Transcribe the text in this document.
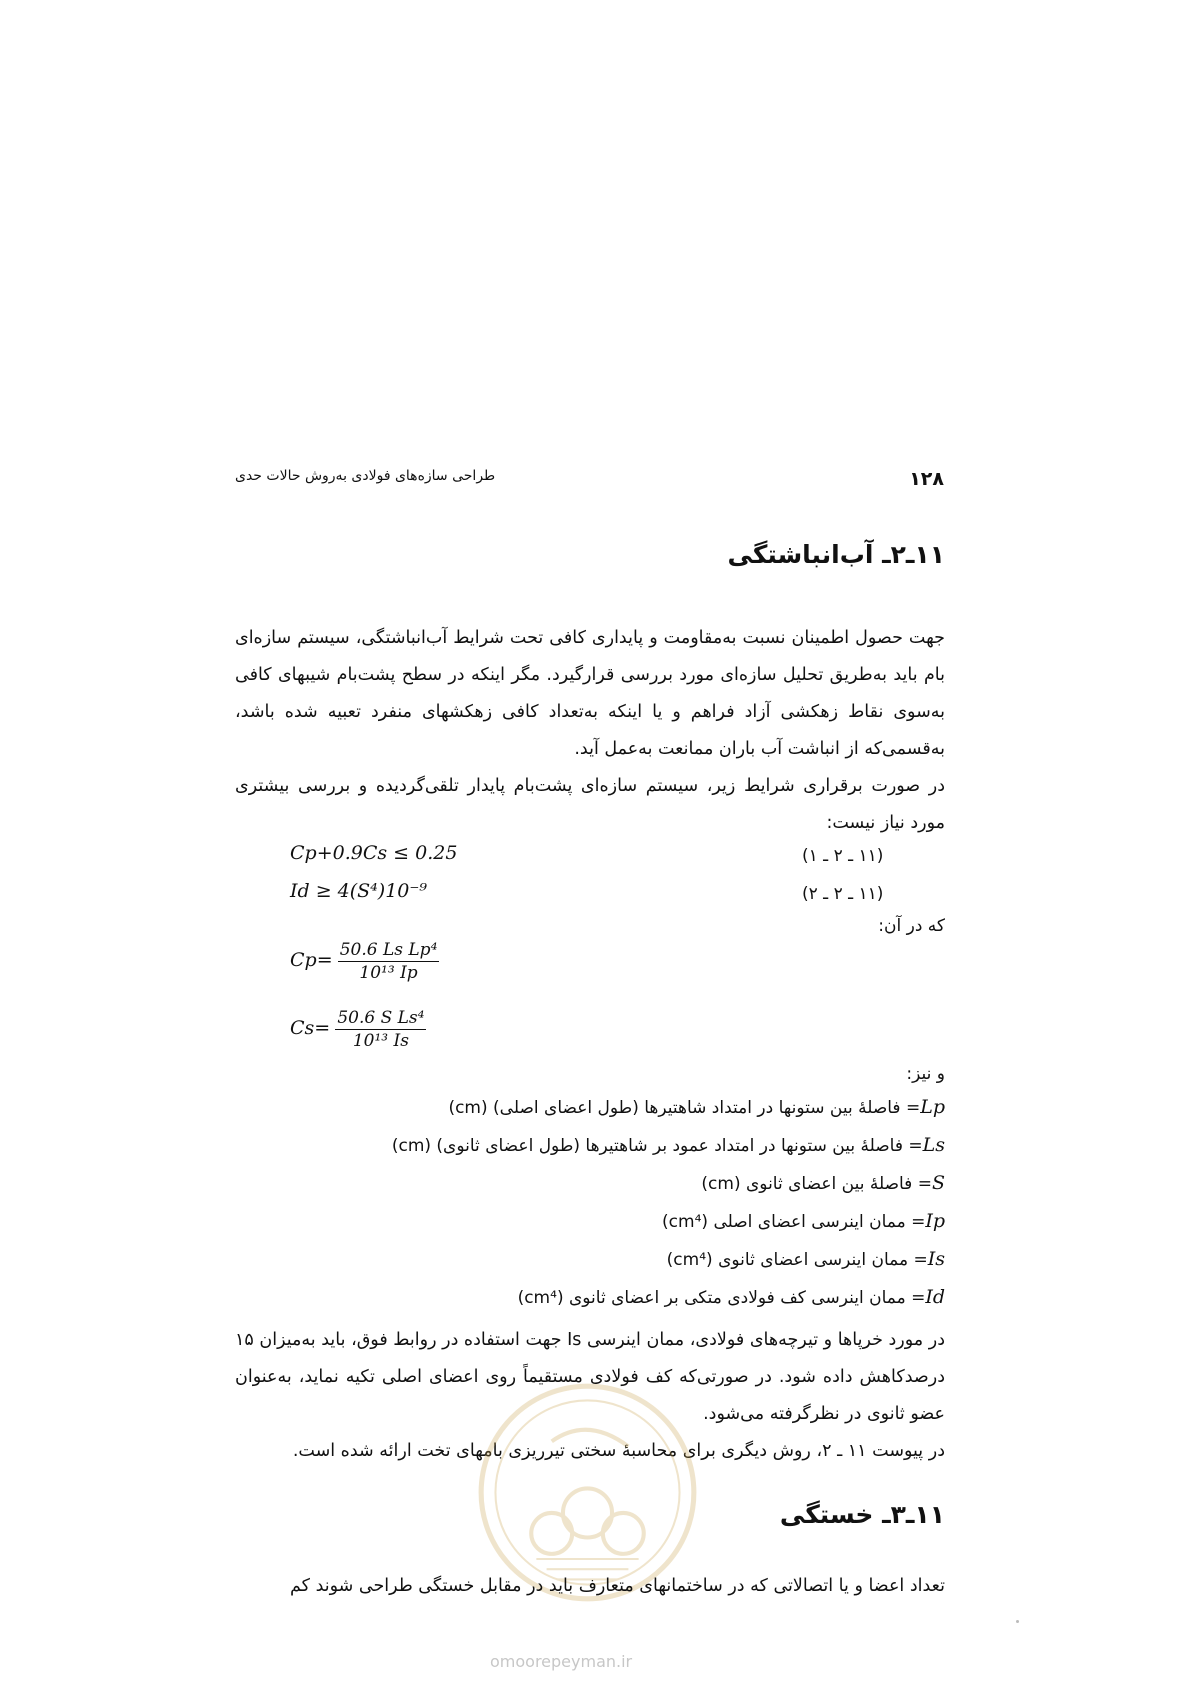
۱۲۸
طراحی سازه‌های فولادی به‌روش حالات حدی
۱۱ـ۲ـ آب‌انباشتگی
جهت حصول اطمینان نسبت به‌مقاومت و پایداری کافی تحت شرایط آب‌انباشتگی، سیستم سازه‌ای بام باید به‌طریق تحلیل سازه‌ای مورد بررسی قرارگیرد. مگر اینکه در سطح پشت‌بام شیبهای کافی به‌سوی نقاط زهکشی آزاد فراهم و یا اینکه به‌تعداد کافی زهکشهای منفرد تعبیه شده باشد، به‌قسمی‌که از انباشت آب باران ممانعت به‌عمل آید.
در صورت برقراری شرایط زیر، سیستم سازه‌ای پشت‌بام پایدار تلقی‌گردیده و بررسی بیشتری مورد نیاز نیست:
Cp+0.9Cs ≤ 0.25	(۱۱ ـ ۲ ـ ۱)
Id ≥ 4(S⁴)10⁻⁹	(۱۱ ـ ۲ ـ ۲)
که در آن:
$Cp= \frac{\text{50.6 Ls Lp⁴}}{\text{10¹³ Ip}}$
$Cs= \frac{\text{50.6 S Ls⁴}}{\text{10¹³ Is}}$
و نیز:
Lp= فاصلهٔ بین ستونها در امتداد شاهتیرها (طول اعضای اصلی) (cm)
Ls= فاصلهٔ بین ستونها در امتداد عمود بر شاهتیرها (طول اعضای ثانوی) (cm)
S= فاصلهٔ بین اعضای ثانوی (cm)
Ip= ممان اینرسی اعضای اصلی (cm⁴)
Is= ممان اینرسی اعضای ثانوی (cm⁴)
Id= ممان اینرسی کف فولادی متکی بر اعضای ثانوی (cm⁴)
در مورد خرپاها و تیرچه‌های فولادی، ممان اینرسی Is جهت استفاده در روابط فوق، باید به‌میزان ۱۵ درصدکاهش داده شود. در صورتی‌که کف فولادی مستقیماً روی اعضای اصلی تکیه نماید، به‌عنوان عضو ثانوی در نظرگرفته می‌شود.
در پیوست ۱۱ ـ ۲، روش دیگری برای محاسبهٔ سختی تیرریزی بامهای تخت ارائه شده است.
۱۱ـ۳ـ خستگی
تعداد اعضا و یا اتصالاتی که در ساختمانهای متعارف باید در مقابل خستگی طراحی شوند کم
omoorepeyman.ir
